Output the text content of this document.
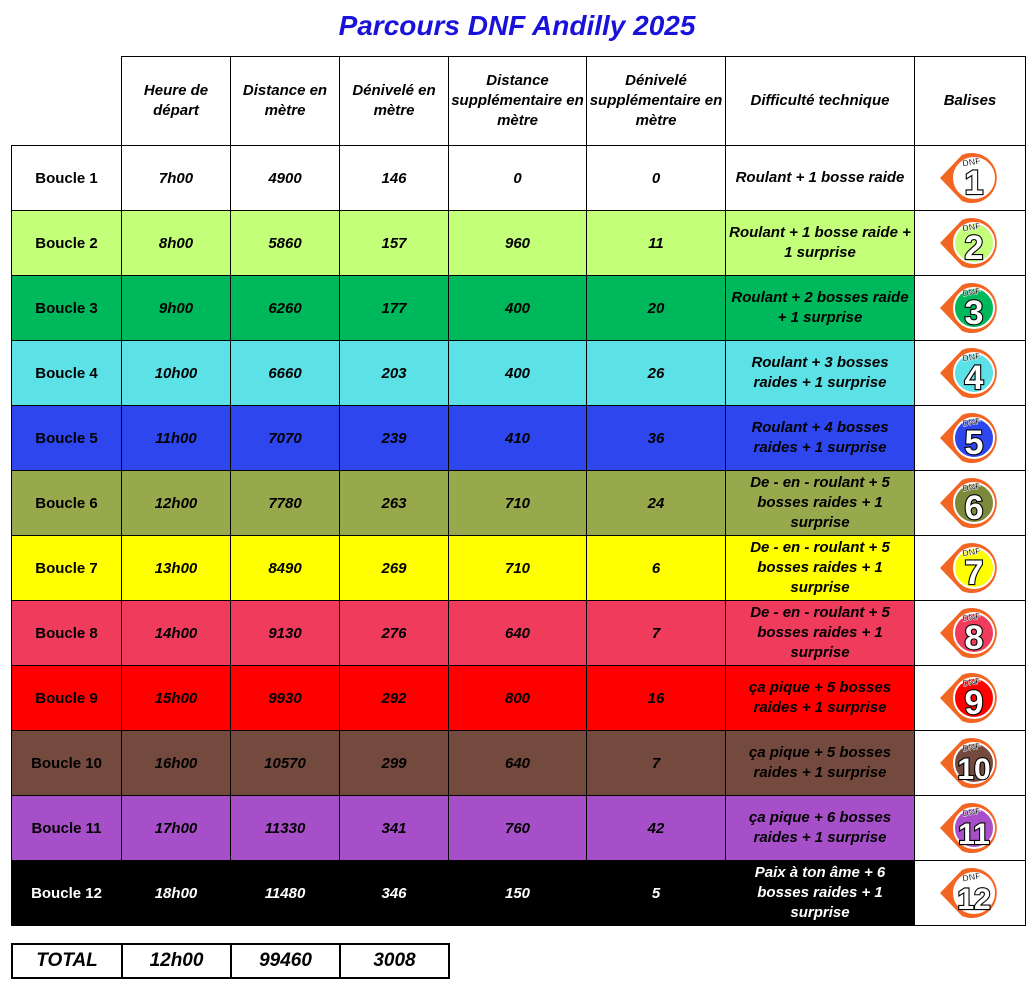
Parcours DNF Andilly 2025
	Heure de départ	Distance en mètre	Dénivelé en mètre	Distance supplémentaire en mètre	Dénivelé supplémentaire en mètre	Difficulté technique	Balises
Boucle 1	7h00	4900	146	0	0	Roulant + 1 bosse raide	DNF
1

Boucle 2	8h00	5860	157	960	11	Roulant + 1 bosse raide + 1 surprise	DNF
2

Boucle 3	9h00	6260	177	400	20	Roulant + 2 bosses raide + 1 surprise	DNF
3

Boucle 4	10h00	6660	203	400	26	Roulant + 3 bosses raides + 1 surprise	DNF
4

Boucle 5	11h00	7070	239	410	36	Roulant + 4 bosses raides + 1 surprise	DNF
5

Boucle 6	12h00	7780	263	710	24	De - en - roulant + 5 bosses raides + 1 surprise	DNF
6

Boucle 7	13h00	8490	269	710	6	De - en - roulant + 5 bosses raides + 1 surprise	DNF
7

Boucle 8	14h00	9130	276	640	7	De - en - roulant + 5 bosses raides + 1 surprise	DNF
8

Boucle 9	15h00	9930	292	800	16	ça pique + 5 bosses raides + 1 surprise	DNF
9

Boucle 10	16h00	10570	299	640	7	ça pique + 5 bosses raides + 1 surprise	DNF
10

Boucle 11	17h00	11330	341	760	42	ça pique + 6 bosses raides + 1 surprise	DNF
11

Boucle 12	18h00	11480	346	150	5	Paix à ton âme + 6 bosses raides + 1 surprise	DNF
12
TOTAL	12h00	99460	3008
